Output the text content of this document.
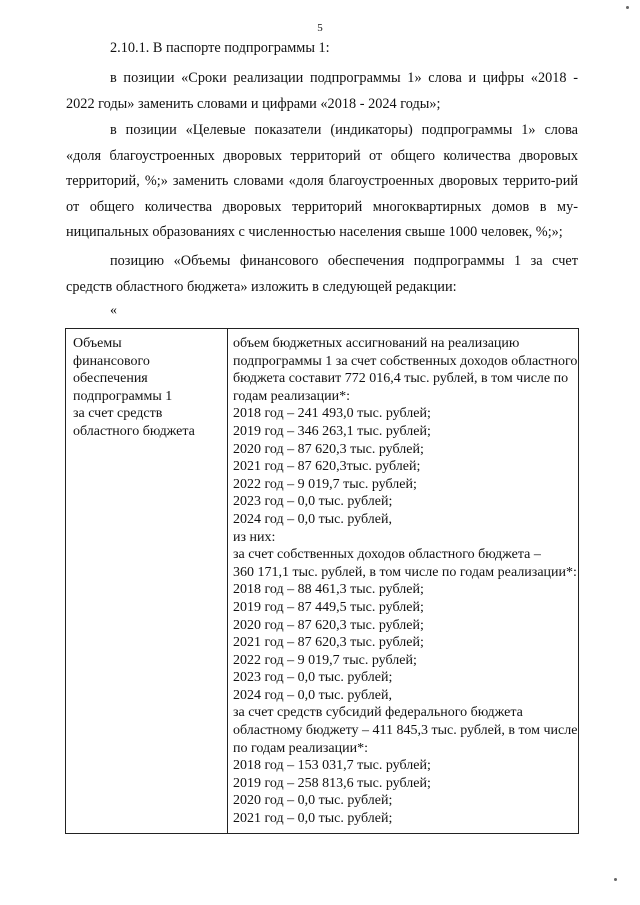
5

2.10.1. В паспорте подпрограммы 1:

в позиции «Сроки реализации подпрограммы 1» слова и цифры «2018 - 2022 годы» заменить словами и цифрами «2018 - 2024 годы»;

в позиции «Целевые показатели (индикаторы) подпрограммы 1» слова «доля благоустроенных дворовых территорий от общего количества дворовых территорий, %;» заменить словами «доля благоустроенных дворовых террито-рий от общего количества дворовых территорий многоквартирных домов в му-ниципальных образованиях с численностью населения свыше 1000 человек, %;»;

позицию «Объемы финансового обеспечения подпрограммы 1 за счет средств областного бюджета» изложить в следующей редакции:

«
Объемы
финансового
обеспечения
подпрограммы 1
за счет средств
областного бюджета
объем бюджетных ассигнований на реализацию
подпрограммы 1 за счет собственных доходов областного
бюджета составит 772 016,4 тыс. рублей, в том числе по
годам реализации*:
2018 год – 241 493,0 тыс. рублей;
2019 год – 346 263,1 тыс. рублей;
2020 год – 87 620,3 тыс. рублей;
2021 год – 87 620,3тыс. рублей;
2022 год – 9 019,7 тыс. рублей;
2023 год – 0,0 тыс. рублей;
2024 год – 0,0 тыс. рублей,
из них:
за счет собственных доходов областного бюджета –
360 171,1 тыс. рублей, в том числе по годам реализации*:
2018 год – 88 461,3 тыс. рублей;
2019 год – 87 449,5 тыс. рублей;
2020 год – 87 620,3 тыс. рублей;
2021 год – 87 620,3 тыс. рублей;
2022 год – 9 019,7 тыс. рублей;
2023 год – 0,0 тыс. рублей;
2024 год – 0,0 тыс. рублей,
за счет средств субсидий федерального бюджета
областному бюджету – 411 845,3 тыс. рублей, в том числе
по годам реализации*:
2018 год – 153 031,7 тыс. рублей;
2019 год – 258 813,6 тыс. рублей;
2020 год – 0,0 тыс. рублей;
2021 год – 0,0 тыс. рублей;
